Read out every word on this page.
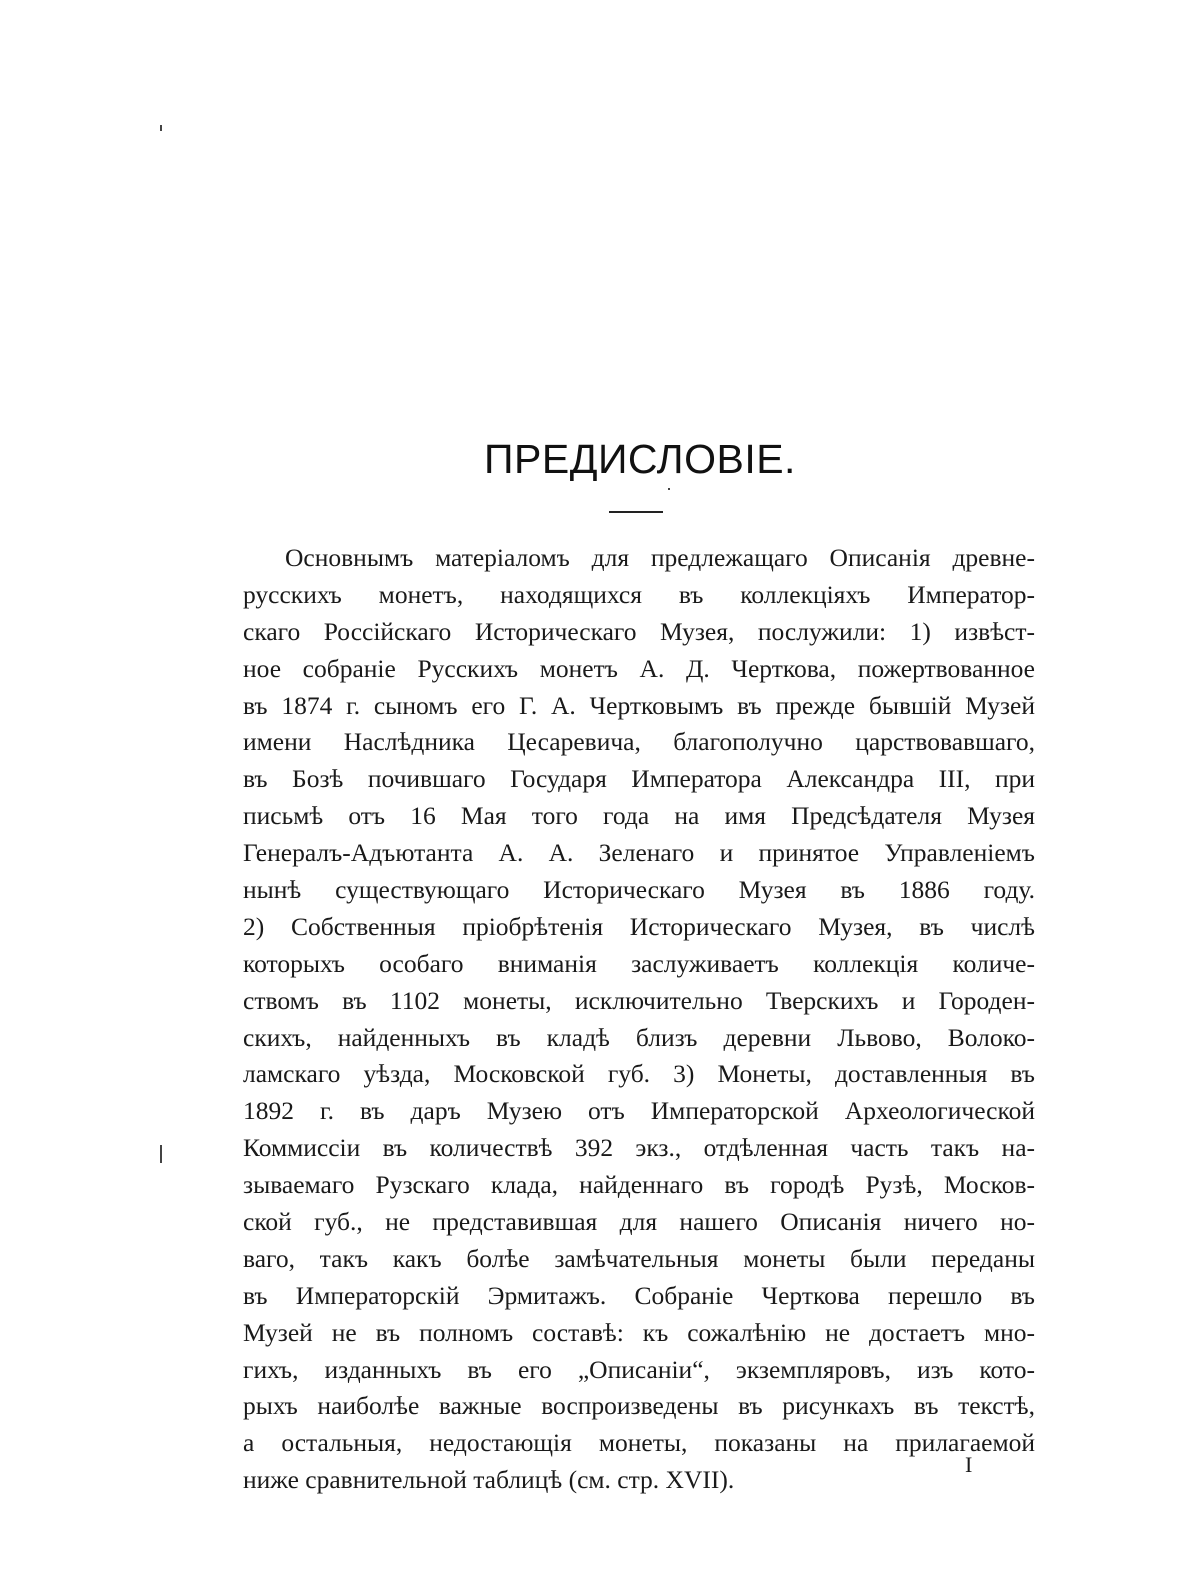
ПРЕДИСЛОВІЕ.
Основнымъ матеріаломъ для предлежащаго Описанія древне-
русскихъ монетъ, находящихся въ коллекціяхъ Император-
скаго Россійскаго Историческаго Музея, послужили: 1) извѣст-
ное собраніе Русскихъ монетъ А. Д. Черткова, пожертвованное
въ 1874 г. сыномъ его Г. А. Чертковымъ въ прежде бывшій Музей
имени Наслѣдника Цесаревича, благополучно царствовавшаго,
въ Бозѣ почившаго Государя Императора Александра III, при
письмѣ отъ 16 Мая того года на имя Предсѣдателя Музея
Генералъ-Адъютанта А. А. Зеленаго и принятое Управленіемъ
нынѣ существующаго Историческаго Музея въ 1886 году.
2) Собственныя пріобрѣтенія Историческаго Музея, въ числѣ
которыхъ особаго вниманія заслуживаетъ коллекція количе-
ствомъ въ 1102 монеты, исключительно Тверскихъ и Городен-
скихъ, найденныхъ въ кладѣ близъ деревни Львово, Волоко-
ламскаго уѣзда, Московской губ. 3) Монеты, доставленныя въ
1892 г. въ даръ Музею отъ Императорской Археологической
Коммиссіи въ количествѣ 392 экз., отдѣленная часть такъ на-
зываемаго Рузскаго клада, найденнаго въ городѣ Рузѣ, Москов-
ской губ., не представившая для нашего Описанія ничего но-
ваго, такъ какъ болѣе замѣчательныя монеты были переданы
въ Императорскій Эрмитажъ. Собраніе Черткова перешло въ
Музей не въ полномъ составѣ: къ сожалѣнію не достаетъ мно-
гихъ, изданныхъ въ его „Описаніи“, экземпляровъ, изъ кото-
рыхъ наиболѣе важные воспроизведены въ рисункахъ въ текстѣ,
а остальныя, недостающія монеты, показаны на прилагаемой
ниже сравнительной таблицѣ (см. стр. XVII).
I
